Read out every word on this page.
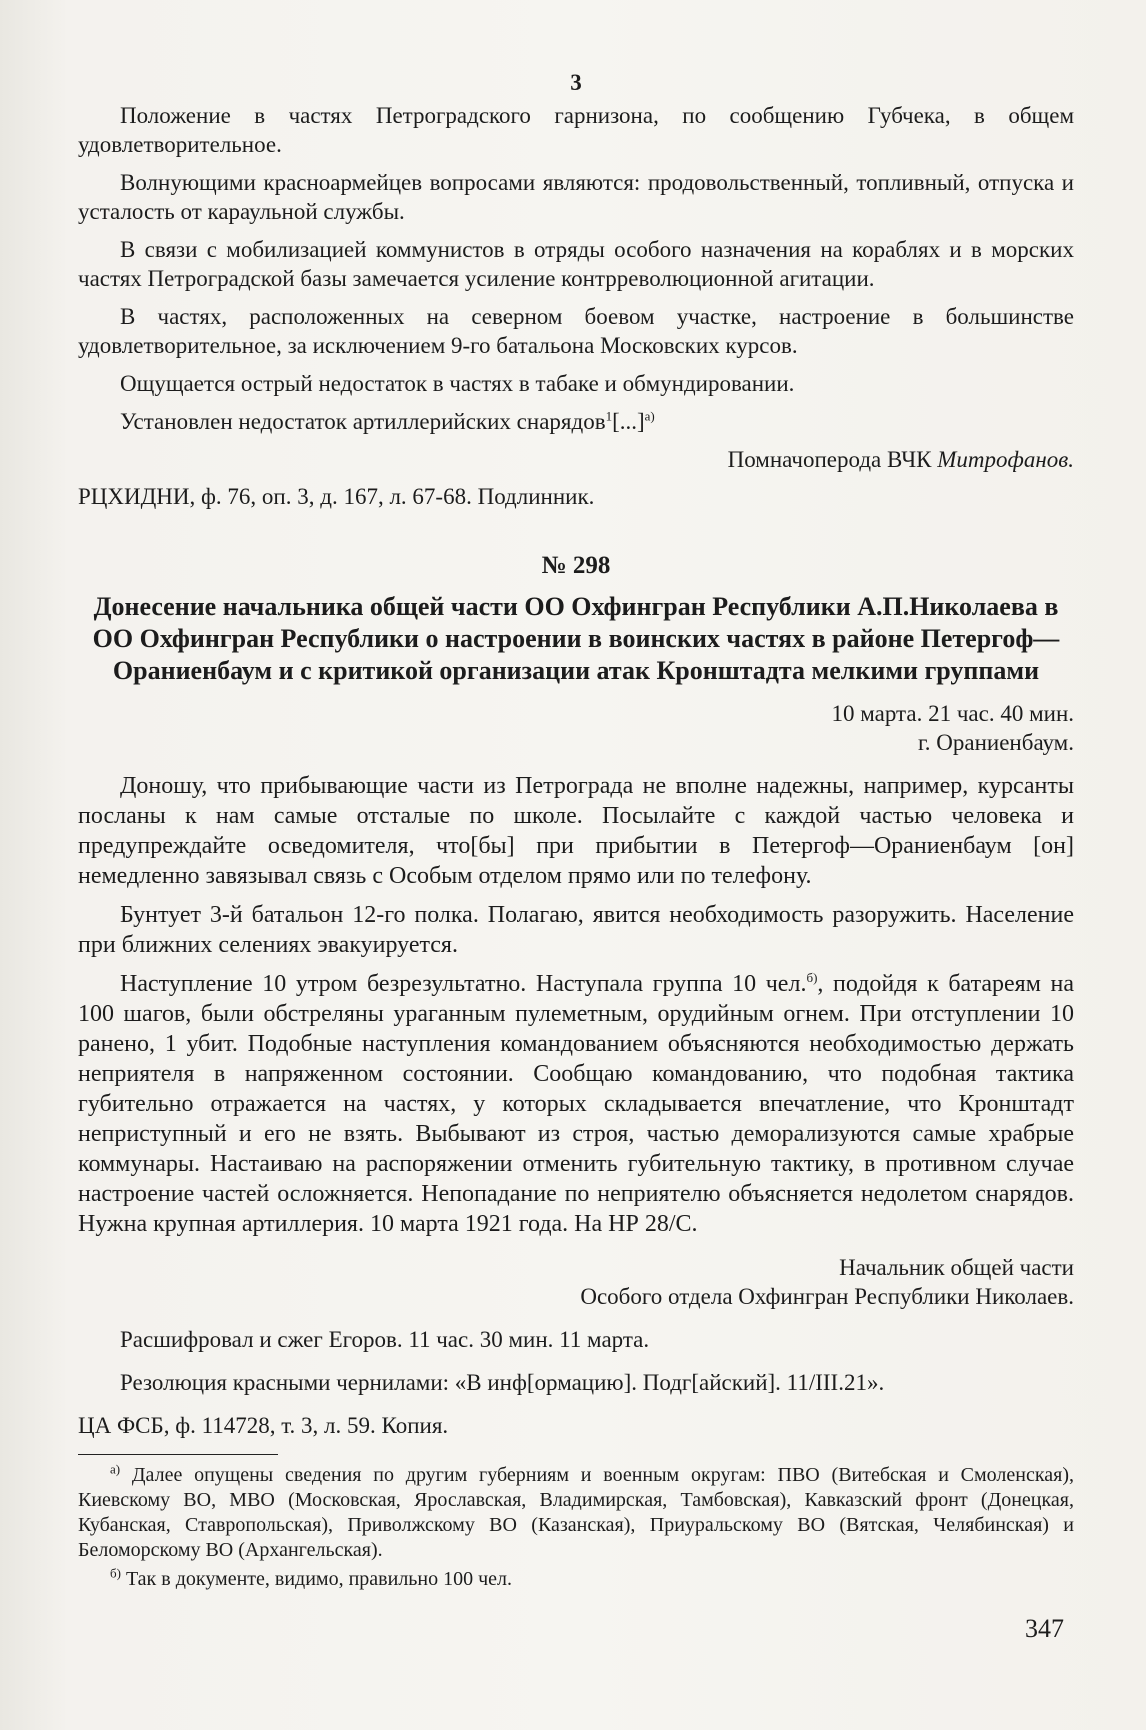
3

Положение в частях Петроградского гарнизона, по сообщению Губчека, в общем удовлетворительное.

Волнующими красноармейцев вопросами являются: продовольственный, топливный, отпуска и усталость от караульной службы.

В связи с мобилизацией коммунистов в отряды особого назначения на кораблях и в морских частях Петроградской базы замечается усиление контрреволюционной агитации.

В частях, расположенных на северном боевом участке, настроение в большинстве удовлетворительное, за исключением 9-го батальона Московских курсов.

Ощущается острый недостаток в частях в табаке и обмундировании.

Установлен недостаток артиллерийских снарядов$^1$[...]$^{а)}$

Помначоперода ВЧК Митрофанов.
РЦХИДНИ, ф. 76, оп. 3, д. 167, л. 67-68. Подлинник.
№ 298
Донесение начальника общей части ОО Охфингран Республики А.П.Николаева в ОО Охфингран Республики о настроении в воинских частях в районе Петергоф—Ораниенбаум и с критикой организации атак Кронштадта мелкими группами
10 марта. 21 час. 40 мин.
г. Ораниенбаум.

Доношу, что прибывающие части из Петрограда не вполне надежны, например, курсанты посланы к нам самые отсталые по школе. Посылайте с каждой частью человека и предупреждайте осведомителя, что[бы] при прибытии в Петергоф—Ораниенбаум [он] немедленно завязывал связь с Особым отделом прямо или по телефону.

Бунтует 3-й батальон 12-го полка. Полагаю, явится необходимость разоружить. Население при ближних селениях эвакуируется.

Наступление 10 утром безрезультатно. Наступала группа 10 чел.$^{б)}$, подойдя к батареям на 100 шагов, были обстреляны ураганным пулеметным, орудийным огнем. При отступлении 10 ранено, 1 убит. Подобные наступления командованием объясняются необходимостью держать неприятеля в напряженном состоянии. Сообщаю командованию, что подобная тактика губительно отражается на частях, у которых складывается впечатление, что Кронштадт неприступный и его не взять. Выбывают из строя, частью деморализуются самые храбрые коммунары. Настаиваю на распоряжении отменить губительную тактику, в противном случае настроение частей осложняется. Непопадание по неприятелю объясняется недолетом снарядов. Нужна крупная артиллерия. 10 марта 1921 года. На НР 28/С.

Начальник общей части
Особого отдела Охфингран Республики Николаев.

Расшифровал и сжег Егоров. 11 час. 30 мин. 11 марта.

Резолюция красными чернилами: «В инф[ормацию]. Подг[айский]. 11/III.21».

ЦА ФСБ, ф. 114728, т. 3, л. 59. Копия.

$^{а)}$ Далее опущены сведения по другим губерниям и военным округам: ПВО (Витебская и Смоленская), Киевскому ВО, МВО (Московская, Ярославская, Владимирская, Тамбовская), Кавказский фронт (Донецкая, Кубанская, Ставропольская), Приволжскому ВО (Казанская), Приуральскому ВО (Вятская, Челябинская) и Беломорскому ВО (Архангельская).

$^{б)}$ Так в документе, видимо, правильно 100 чел.

347
